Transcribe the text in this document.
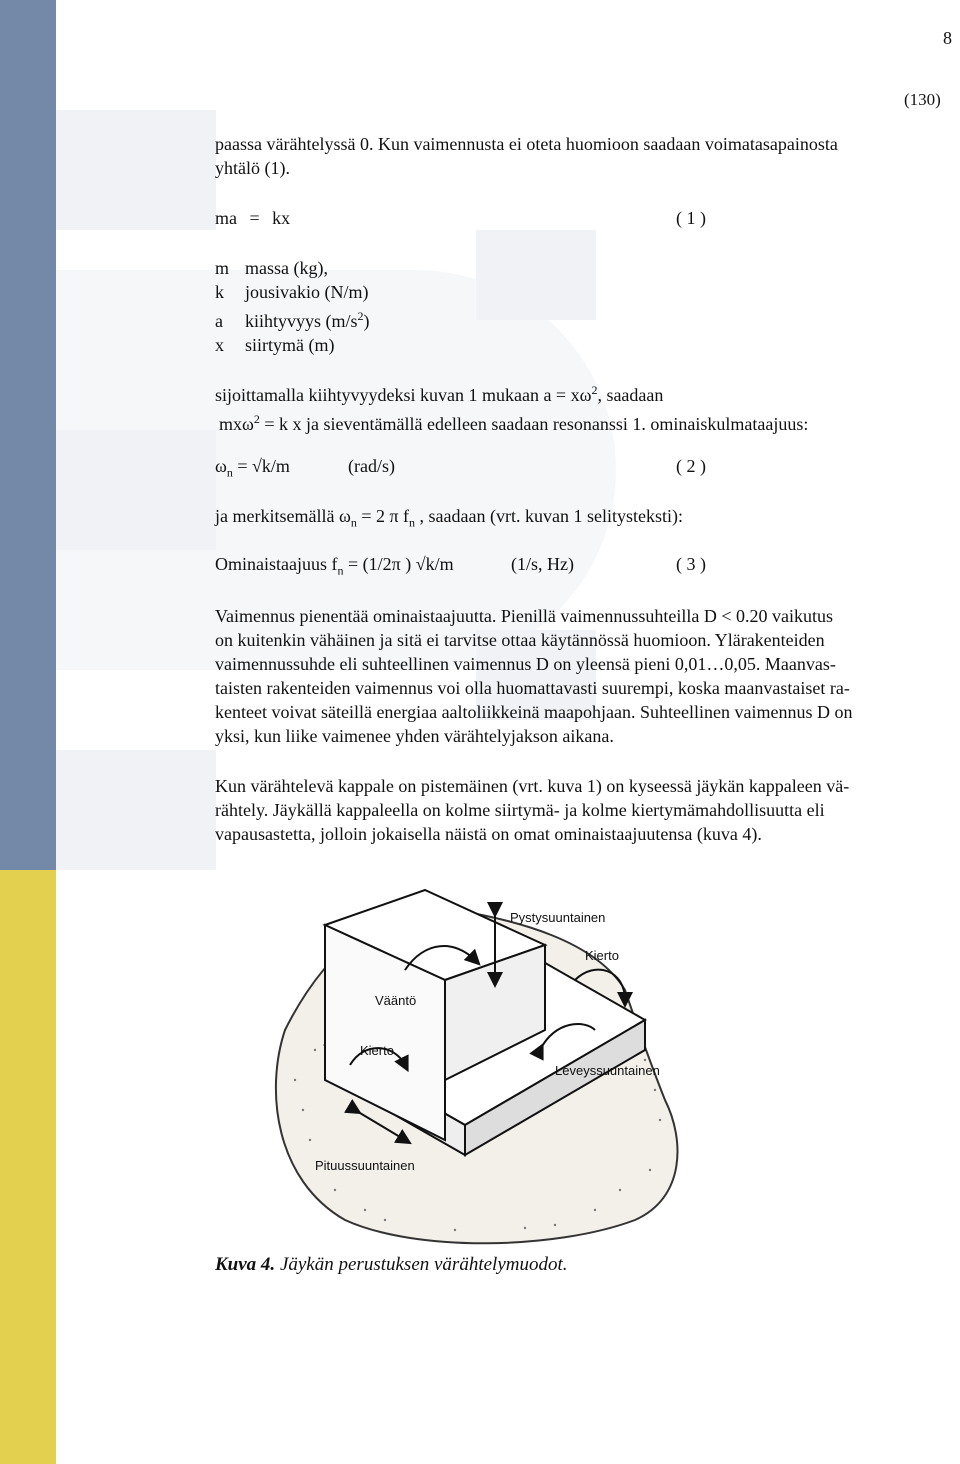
8
(130)
paassa värähtelyssä 0. Kun vaimennusta ei oteta huomioon saadaan voimatasapainosta
yhtälö (1).
ma = kx	( 1 )
m massa (kg),
k jousivakio (N/m)
a kiihtyvyys $(m/s^2)$
x siirtymä (m)
sijoittamalla kiihtyvyydeksi kuvan 1 mukaan $a = x\omega^2$, saadaan
mxω$^2$ = k x ja sieventämällä edelleen saadaan resonanssi 1. ominaiskulmataajuus:
$\omega_n = √k/m$	(rad/s)	( 2 )
ja merkitsemällä $\omega_n = 2$ π $f_n$ , saadaan (vrt. kuvan 1 selitysteksti):
Ominaistaajuus $f_n = (1/2\pi$ ) √k/m	(1/s, Hz)	( 3 )
Vaimennus pienentää ominaistaajuutta. Pienillä vaimennussuhteilla D < 0.20 vaikutus
on kuitenkin vähäinen ja sitä ei tarvitse ottaa käytännössä huomioon. Ylärakenteiden
vaimennussuhde eli suhteellinen vaimennus D on yleensä pieni 0,01…0,05. Maanvas-
taisten rakenteiden vaimennus voi olla huomattavasti suurempi, koska maanvastaiset ra-
kenteet voivat säteillä energiaa aaltoliikkeinä maapohjaan. Suhteellinen vaimennus D on
yksi, kun liike vaimenee yhden värähtelyjakson aikana.
Kun värähtelevä kappale on pistemäinen (vrt. kuva 1) on kyseessä jäykän kappaleen vä-
rähtely. Jäykällä kappaleella on kolme siirtymä- ja kolme kiertymämahdollisuutta eli
vapausastetta, jolloin jokaisella näistä on omat ominaistaajuutensa (kuva 4).
Pystysuuntainen
Kierto
Vääntö
Leveyssuuntainen
Kierto
Pituussuuntainen
Kuva 4. Jäykän perustuksen värähtelymuodot.
